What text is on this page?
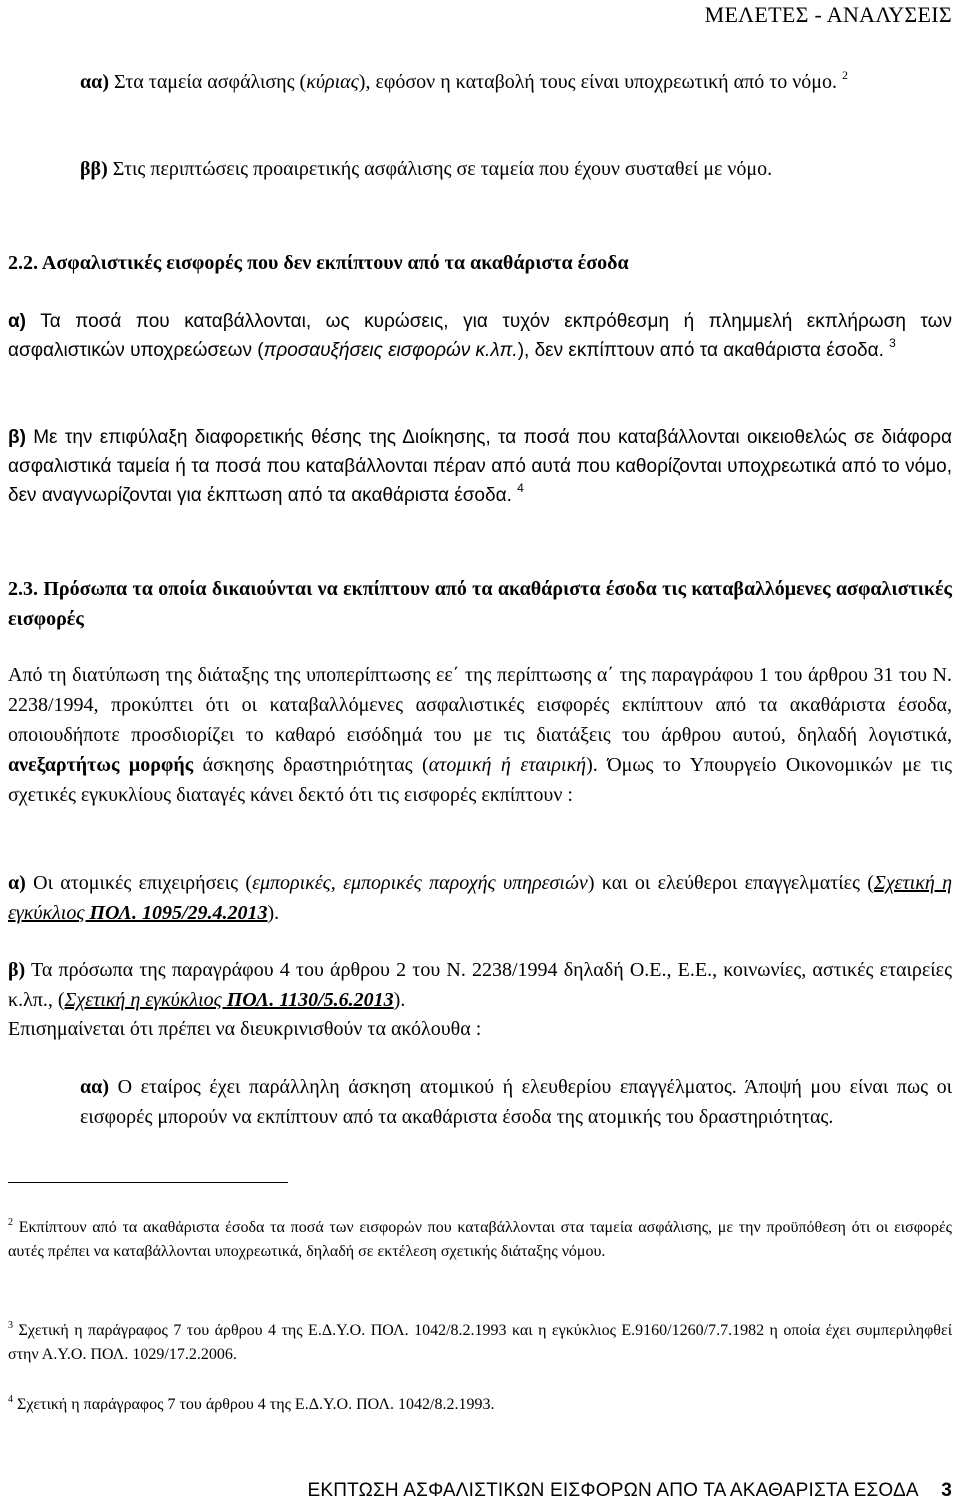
ΜΕΛΕΤΕΣ - ΑΝΑΛΥΣΕΙΣ
αα) Στα ταμεία ασφάλισης (κύριας), εφόσον η καταβολή τους είναι υποχρεωτική από το νόμο. $^2$
ββ) Στις περιπτώσεις προαιρετικής ασφάλισης σε ταμεία που έχουν συσταθεί με νόμο.
2.2. Ασφαλιστικές εισφορές που δεν εκπίπτουν από τα ακαθάριστα έσοδα
α) Τα ποσά που καταβάλλονται, ως κυρώσεις, για τυχόν εκπρόθεσμη ή πλημμελή εκπλήρωση των ασφαλιστικών υποχρεώσεων (προσαυξήσεις εισφορών κ.λπ.), δεν εκπίπτουν από τα ακαθάριστα έσοδα. $^3$
β) Με την επιφύλαξη διαφορετικής θέσης της Διοίκησης, τα ποσά που καταβάλλονται οικειοθελώς σε διάφορα ασφαλιστικά ταμεία ή τα ποσά που καταβάλλονται πέραν από αυτά που καθορίζονται υποχρεωτικά από το νόμο, δεν αναγνωρίζονται για έκπτωση από τα ακαθάριστα έσοδα. $^4$
2.3. Πρόσωπα τα οποία δικαιούνται να εκπίπτουν από τα ακαθάριστα έσοδα τις καταβαλλόμενες ασφαλιστικές εισφορές
Από τη διατύπωση της διάταξης της υποπερίπτωσης εε΄ της περίπτωσης α΄ της παραγράφου 1 του άρθρου 31 του Ν. 2238/1994, προκύπτει ότι οι καταβαλλόμενες ασφαλιστικές εισφορές εκπίπτουν από τα ακαθάριστα έσοδα, οποιουδήποτε προσδιορίζει το καθαρό εισόδημά του με τις διατάξεις του άρθρου αυτού, δηλαδή λογιστικά, ανεξαρτήτως μορφής άσκησης δραστηριότητας (ατομική ή εταιρική). Όμως το Υπουργείο Οικονομικών με τις σχετικές εγκυκλίους διαταγές κάνει δεκτό ότι τις εισφορές εκπίπτουν :
α) Οι ατομικές επιχειρήσεις (εμπορικές, εμπορικές παροχής υπηρεσιών) και οι ελεύθεροι επαγγελματίες (Σχετική η εγκύκλιος ΠΟΛ. 1095/29.4.2013).
β) Τα πρόσωπα της παραγράφου 4 του άρθρου 2 του Ν. 2238/1994 δηλαδή Ο.Ε., Ε.Ε., κοινωνίες, αστικές εταιρείες κ.λπ., (Σχετική η εγκύκλιος ΠΟΛ. 1130/5.6.2013).
Επισημαίνεται ότι πρέπει να διευκρινισθούν τα ακόλουθα :
αα) Ο εταίρος έχει παράλληλη άσκηση ατομικού ή ελευθερίου επαγγέλματος. Άποψή μου είναι πως οι εισφορές μπορούν να εκπίπτουν από τα ακαθάριστα έσοδα της ατομικής του δραστηριότητας.
$^2$ Εκπίπτουν από τα ακαθάριστα έσοδα τα ποσά των εισφορών που καταβάλλονται στα ταμεία ασφάλισης, με την προϋπόθεση ότι οι εισφορές αυτές πρέπει να καταβάλλονται υποχρεωτικά, δηλαδή σε εκτέλεση σχετικής διάταξης νόμου.
$^3$ Σχετική η παράγραφος 7 του άρθρου 4 της Ε.Δ.Υ.Ο. ΠΟΛ. 1042/8.2.1993 και η εγκύκλιος Ε.9160/1260/7.7.1982 η οποία έχει συμπεριληφθεί στην Α.Υ.Ο. ΠΟΛ. 1029/17.2.2006.
$^4$ Σχετική η παράγραφος 7 του άρθρου 4 της Ε.Δ.Υ.Ο. ΠΟΛ. 1042/8.2.1993.
ΕΚΠΤΩΣΗ ΑΣΦΑΛΙΣΤΙΚΩΝ ΕΙΣΦΟΡΩΝ ΑΠΟ ΤΑ ΑΚΑΘΑΡΙΣΤΑ ΕΣΟΔΑ 3
